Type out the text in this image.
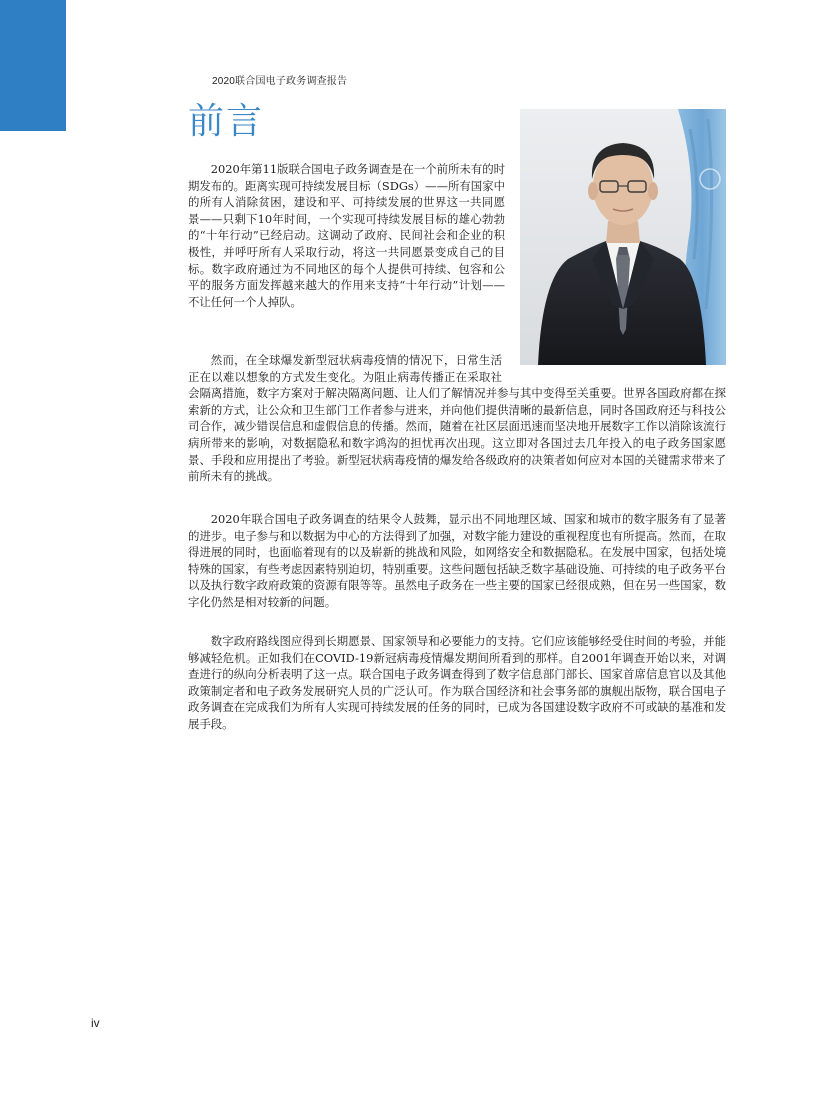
2020联合国电子政务调查报告
前言

2020年第11版联合国电子政务调查是在一个前所未有的时期发布的。距离实现可持续发展目标（SDGs）——所有国家中的所有人消除贫困，建设和平、可持续发展的世界这一共同愿景——只剩下10年时间，一个实现可持续发展目标的雄心勃勃的“十年行动”已经启动。这调动了政府、民间社会和企业的积极性，并呼吁所有人采取行动，将这一共同愿景变成自己的目标。数字政府通过为不同地区的每个人提供可持续、包容和公平的服务方面发挥越来越大的作用来支持“十年行动”计划——不让任何一个人掉队。

然而，在全球爆发新型冠状病毒疫情的情况下，日常生活正在以难以想象的方式发生变化。为阻止病毒传播正在采取社会隔离措施，数字方案对于解决隔离问题、让人们了解情况并参与其中变得至关重要。世界各国政府都在探索新的方式，让公众和卫生部门工作者参与进来，并向他们提供清晰的最新信息，同时各国政府还与科技公司合作，减少错误信息和虚假信息的传播。然而，随着在社区层面迅速而坚决地开展数字工作以消除该流行病所带来的影响，对数据隐私和数字鸿沟的担忧再次出现。这立即对各国过去几年投入的电子政务国家愿景、手段和应用提出了考验。新型冠状病毒疫情的爆发给各级政府的决策者如何应对本国的关键需求带来了前所未有的挑战。

2020年联合国电子政务调查的结果令人鼓舞，显示出不同地理区域、国家和城市的数字服务有了显著的进步。电子参与和以数据为中心的方法得到了加强，对数字能力建设的重视程度也有所提高。然而，在取得进展的同时，也面临着现有的以及崭新的挑战和风险，如网络安全和数据隐私。在发展中国家，包括处境特殊的国家，有些考虑因素特别迫切，特别重要。这些问题包括缺乏数字基础设施、可持续的电子政务平台以及执行数字政府政策的资源有限等等。虽然电子政务在一些主要的国家已经很成熟，但在另一些国家，数字化仍然是相对较新的问题。

数字政府路线图应得到长期愿景、国家领导和必要能力的支持。它们应该能够经受住时间的考验，并能够减轻危机。正如我们在COVID-19新冠病毒疫情爆发期间所看到的那样。自2001年调查开始以来，对调查进行的纵向分析表明了这一点。联合国电子政务调查得到了数字信息部门部长、国家首席信息官以及其他政策制定者和电子政务发展研究人员的广泛认可。作为联合国经济和社会事务部的旗舰出版物，联合国电子政务调查在完成我们为所有人实现可持续发展的任务的同时，已成为各国建设数字政府不可或缺的基准和发展手段。

iv
